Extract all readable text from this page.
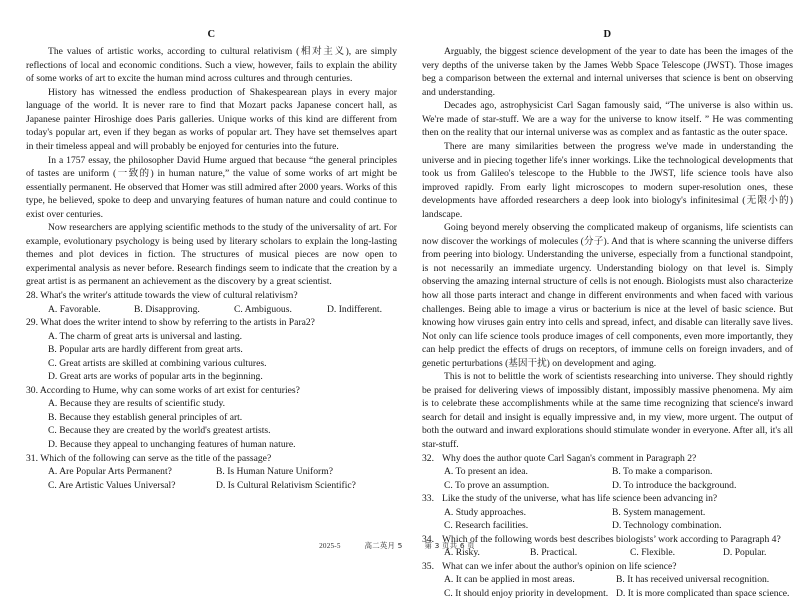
C

The values of artistic works, according to cultural relativism (相对主义), are simply reflections of local and economic conditions. Such a view, however, fails to explain the ability of some works of art to excite the human mind across cultures and through centuries.

History has witnessed the endless production of Shakespearean plays in every major language of the world. It is never rare to find that Mozart packs Japanese concert hall, as Japanese painter Hiroshige does Paris galleries. Unique works of this kind are different from today's popular art, even if they began as works of popular art. They have set themselves apart in their timeless appeal and will probably be enjoyed for centuries into the future.

In a 1757 essay, the philosopher David Hume argued that because “the general principles of tastes are uniform (一致的) in human nature,” the value of some works of art might be essentially permanent. He observed that Homer was still admired after 2000 years. Works of this type, he believed, spoke to deep and unvarying features of human nature and could continue to exist over centuries.

Now researchers are applying scientific methods to the study of the universality of art. For example, evolutionary psychology is being used by literary scholars to explain the long-lasting themes and plot devices in fiction. The structures of musical pieces are now open to experimental analysis as never before. Research findings seem to indicate that the creation by a great artist is as permanent an achievement as the discovery by a great scientist.

28. What's the writer's attitude towards the view of cultural relativism?
A. Favorable.	B. Disapproving.	C. Ambiguous.	D. Indifferent.
29. What does the writer intend to show by referring to the artists in Para2?
A. The charm of great arts is universal and lasting.
B. Popular arts are hardly different from great arts.
C. Great artists are skilled at combining various cultures.
D. Great arts are works of popular arts in the beginning.
30. According to Hume, why can some works of art exist for centuries?
A. Because they are results of scientific study.
B. Because they establish general principles of art.
C. Because they are created by the world's greatest artists.
D. Because they appeal to unchanging features of human nature.
31. Which of the following can serve as the title of the passage?
A. Are Popular Arts Permanent?	B. Is Human Nature Uniform?
C. Are Artistic Values Universal?	D. Is Cultural Relativism Scientific?
D

Arguably, the biggest science development of the year to date has been the images of the very depths of the universe taken by the James Webb Space Telescope (JWST). Those images beg a comparison between the external and internal universes that science is bent on observing and understanding.

Decades ago, astrophysicist Carl Sagan famously said, “The universe is also within us. We're made of star-stuff. We are a way for the universe to know itself. ” He was commenting then on the reality that our internal universe was as complex and as fantastic as the outer space.

There are many similarities between the progress we've made in understanding the universe and in piecing together life's inner workings. Like the technological developments that took us from Galileo's telescope to the Hubble to the JWST, life science tools have also improved rapidly. From early light microscopes to modern super-resolution ones, these developments have afforded researchers a deep look into biology's infinitesimal (无限小的) landscape.

Going beyond merely observing the complicated makeup of organisms, life scientists can now discover the workings of molecules (分子). And that is where scanning the universe differs from peering into biology. Understanding the universe, especially from a functional standpoint, is not necessarily an immediate urgency. Understanding biology on that level is. Simply observing the amazing internal structure of cells is not enough. Biologists must also characterize how all those parts interact and change in different environments and when faced with various challenges. Being able to image a virus or bacterium is nice at the level of basic science. But knowing how viruses gain entry into cells and spread, infect, and disable can literally save lives. Not only can life science tools produce images of cell components, even more importantly, they can help predict the effects of drugs on receptors, of immune cells on foreign invaders, and of genetic perturbations (基因干扰) on development and aging.

This is not to belittle the work of scientists researching into universe. They should rightly be praised for delivering views of impossibly distant, impossibly massive phenomena. My aim is to celebrate these accomplishments while at the same time recognizing that science's inward search for detail and insight is equally impressive and, in my view, more urgent. The output of both the outward and inward explorations should stimulate wonder in everyone. After all, it's all star-stuff.

32. Why does the author quote Carl Sagan's comment in Paragraph 2?
A. To present an idea.	B. To make a comparison.
C. To prove an assumption.	D. To introduce the background.
33. Like the study of the universe, what has life science been advancing in?
A. Study approaches.	B. System management.
C. Research facilities.	D. Technology combination.
34. Which of the following words best describes biologists’ work according to Paragraph 4?
A. Risky.	B. Practical.	C. Flexible.	D. Popular.
35. What can we infer about the author's opinion on life science?
A. It can be applied in most areas.	B. It has received universal recognition.
C. It should enjoy priority in development. D. It is more complicated than space science.
2025-5	高二英月 5	第 3 页共 6 页
